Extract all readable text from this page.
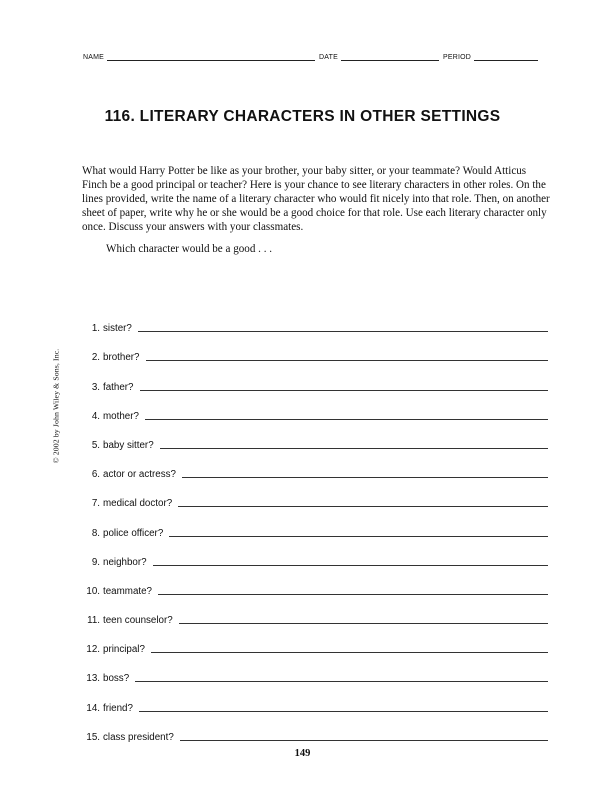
NAME	DATE	PERIOD
116. LITERARY CHARACTERS IN OTHER SETTINGS

What would Harry Potter be like as your brother, your baby sitter, or your teammate? Would Atticus Finch be a good principal or teacher? Here is your chance to see literary characters in other roles. On the lines provided, write the name of a literary character who would fit nicely into that role. Then, on another sheet of paper, write why he or she would be a good choice for that role. Use each literary character only once. Discuss your answers with your classmates.

Which character would be a good . . .

© 2002 by John Wiley & Sons, Inc.
1. sister?
2. brother?
3. father?
4. mother?
5. baby sitter?
6. actor or actress?
7. medical doctor?
8. police officer?
9. neighbor?
10. teammate?
11. teen counselor?
12. principal?
13. boss?
14. friend?
15. class president?
149
